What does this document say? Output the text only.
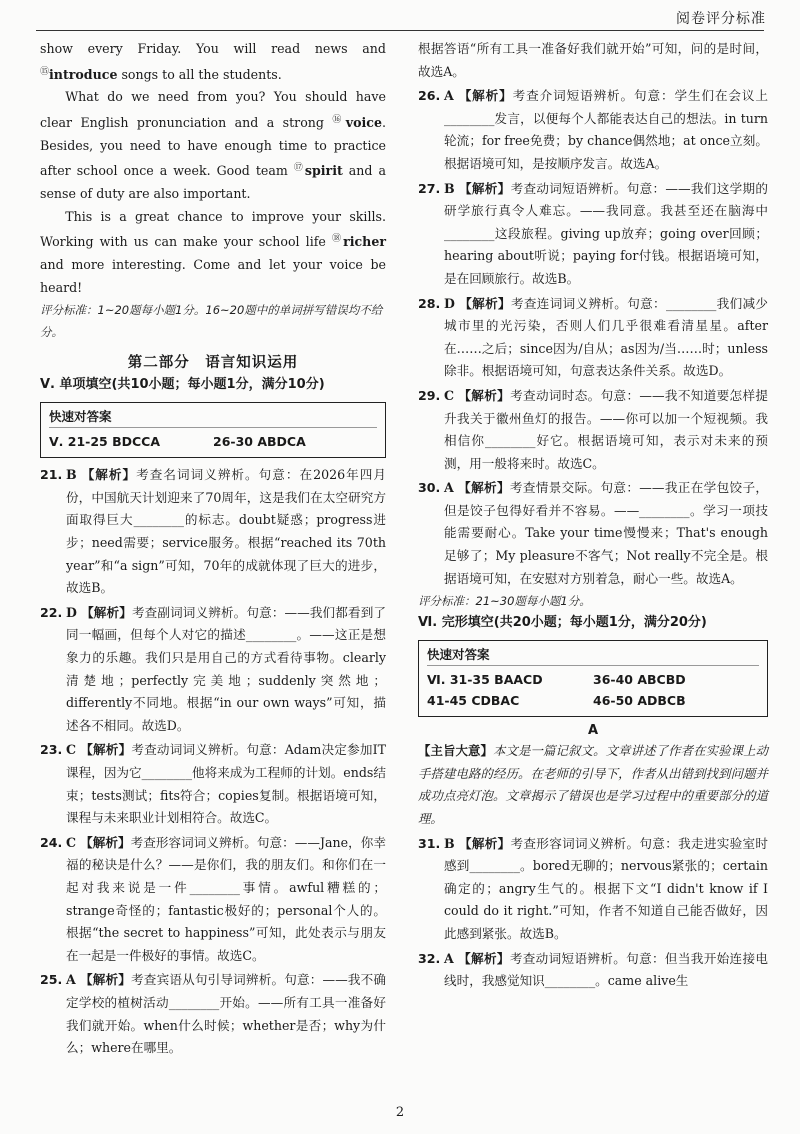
阅卷评分标准

show every Friday. You will read news and ⑮introduce songs to all the students.

What do we need from you? You should have clear English pronunciation and a strong ⑯voice. Besides, you need to have enough time to practice after school once a week. Good team ⑰spirit and a sense of duty are also important.

This is a great chance to improve your skills. Working with us can make your school life ⑱richer and more interesting. Come and let your voice be heard!

评分标准：1~20题每小题1分。16~20题中的单词拼写错误均不给分。

第二部分　语言知识运用
Ⅴ. 单项填空(共10小题；每小题1分，满分10分)
快速对答案
Ⅴ. 21-25 BDCCA	26-30 ABDCA
21. B 【解析】考查名词词义辨析。句意：在2026年四月份，中国航天计划迎来了70周年，这是我们在太空研究方面取得巨大________的标志。doubt疑惑；progress进步；need需要；service服务。根据“reached its 70th year”和“a sign”可知，70年的成就体现了巨大的进步，故选B。
22. D 【解析】考查副词词义辨析。句意：——我们都看到了同一幅画，但每个人对它的描述________。——这正是想象力的乐趣。我们只是用自己的方式看待事物。clearly清楚地；perfectly完美地；suddenly突然地；differently不同地。根据“in our own ways”可知，描述各不相同。故选D。
23. C 【解析】考查动词词义辨析。句意：Adam决定参加IT课程，因为它________他将来成为工程师的计划。ends结束；tests测试；fits符合；copies复制。根据语境可知，课程与未来职业计划相符合。故选C。
24. C 【解析】考查形容词词义辨析。句意：——Jane，你幸福的秘诀是什么？——是你们，我的朋友们。和你们在一起对我来说是一件________事情。awful糟糕的；strange奇怪的；fantastic极好的；personal个人的。根据“the secret to happiness”可知，此处表示与朋友在一起是一件极好的事情。故选C。
25. A 【解析】考查宾语从句引导词辨析。句意：——我不确定学校的植树活动________开始。——所有工具一准备好我们就开始。when什么时候；whether是否；why为什么；where在哪里。

根据答语“所有工具一准备好我们就开始”可知，问的是时间，故选A。

26. A 【解析】考查介词短语辨析。句意：学生们在会议上________发言，以便每个人都能表达自己的想法。in turn轮流；for free免费；by chance偶然地；at once立刻。根据语境可知，是按顺序发言。故选A。
27. B 【解析】考查动词短语辨析。句意：——我们这学期的研学旅行真令人难忘。——我同意。我甚至还在脑海中________这段旅程。giving up放弃；going over回顾；hearing about听说；paying for付钱。根据语境可知，是在回顾旅行。故选B。
28. D 【解析】考查连词词义辨析。句意：________我们减少城市里的光污染，否则人们几乎很难看清星星。after在……之后；since因为/自从；as因为/当……时；unless除非。根据语境可知，句意表达条件关系。故选D。
29. C 【解析】考查动词时态。句意：——我不知道要怎样提升我关于徽州鱼灯的报告。——你可以加一个短视频。我相信你________好它。根据语境可知，表示对未来的预测，用一般将来时。故选C。
30. A 【解析】考查情景交际。句意：——我正在学包饺子，但是饺子包得好看并不容易。——________。学习一项技能需要耐心。Take your time慢慢来；That's enough足够了；My pleasure不客气；Not really不完全是。根据语境可知，在安慰对方别着急，耐心一些。故选A。

评分标准：21~30题每小题1分。

Ⅵ. 完形填空(共20小题；每小题1分，满分20分)
快速对答案
Ⅵ. 31-35 BAACD	36-40 ABCBD
41-45 CDBAC	46-50 ADBCB
A

【主旨大意】本文是一篇记叙文。文章讲述了作者在实验课上动手搭建电路的经历。在老师的引导下，作者从出错到找到问题并成功点亮灯泡。文章揭示了错误也是学习过程中的重要部分的道理。

31. B 【解析】考查形容词词义辨析。句意：我走进实验室时感到________。bored无聊的；nervous紧张的；certain确定的；angry生气的。根据下文“I didn't know if I could do it right.”可知，作者不知道自己能否做好，因此感到紧张。故选B。
32. A 【解析】考查动词短语辨析。句意：但当我开始连接电线时，我感觉知识________。came alive生
2
